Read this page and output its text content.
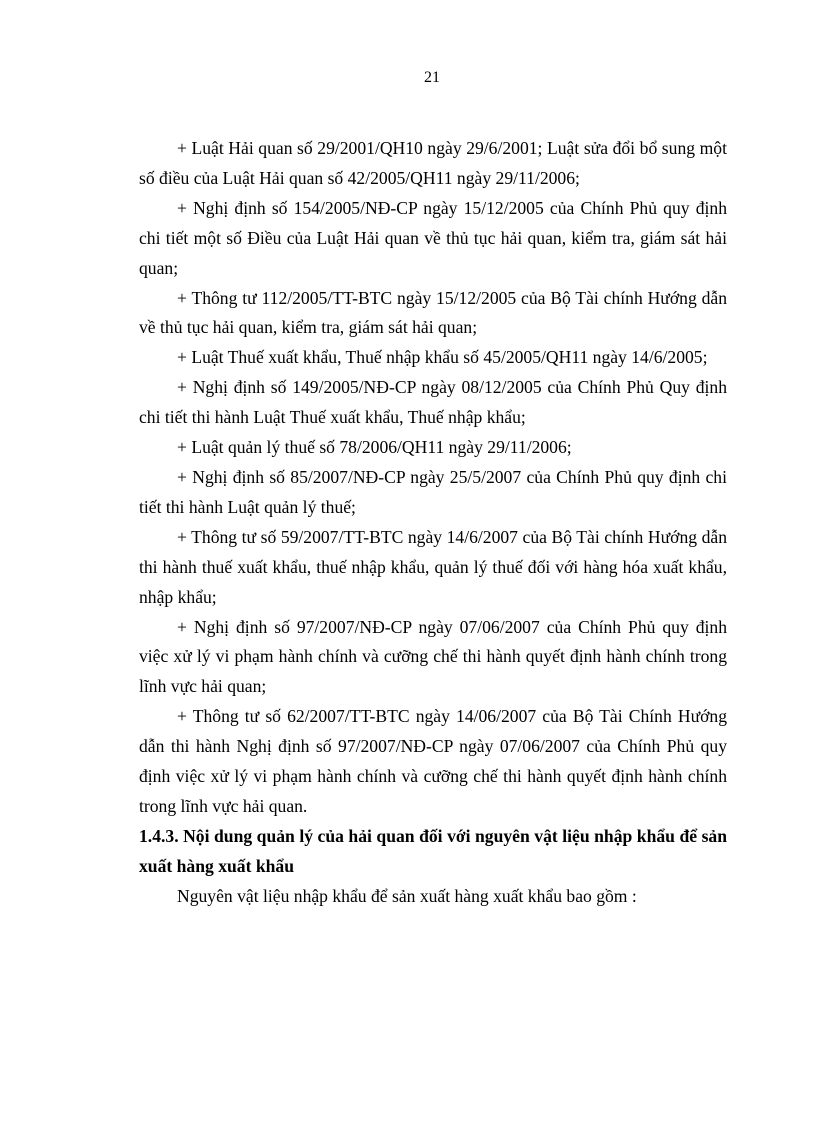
21

+ Luật Hải quan số 29/2001/QH10 ngày 29/6/2001; Luật sửa đổi bổ sung một số điều của Luật Hải quan số 42/2005/QH11 ngày 29/11/2006;

+ Nghị định số 154/2005/NĐ-CP ngày 15/12/2005 của Chính Phủ quy định chi tiết một số Điều của Luật Hải quan về thủ tục hải quan, kiểm tra, giám sát hải quan;

+ Thông tư 112/2005/TT-BTC ngày 15/12/2005 của Bộ Tài chính Hướng dẫn về thủ tục hải quan, kiểm tra, giám sát hải quan;

+ Luật Thuế xuất khẩu, Thuế nhập khẩu số 45/2005/QH11 ngày 14/6/2005;

+ Nghị định số 149/2005/NĐ-CP ngày 08/12/2005 của Chính Phủ Quy định chi tiết thi hành Luật Thuế xuất khẩu, Thuế nhập khẩu;

+ Luật quản lý thuế số 78/2006/QH11 ngày 29/11/2006;

+ Nghị định số 85/2007/NĐ-CP ngày 25/5/2007 của Chính Phủ quy định chi tiết thi hành Luật quản lý thuế;

+ Thông tư số 59/2007/TT-BTC ngày 14/6/2007 của Bộ Tài chính Hướng dẫn thi hành thuế xuất khẩu, thuế nhập khẩu, quản lý thuế đối với hàng hóa xuất khẩu, nhập khẩu;

+ Nghị định số 97/2007/NĐ-CP ngày 07/06/2007 của Chính Phủ quy định việc xử lý vi phạm hành chính và cưỡng chế thi hành quyết định hành chính trong lĩnh vực hải quan;

+ Thông tư số 62/2007/TT-BTC ngày 14/06/2007 của Bộ Tài Chính Hướng dẫn thi hành Nghị định số 97/2007/NĐ-CP ngày 07/06/2007 của Chính Phủ quy định việc xử lý vi phạm hành chính và cưỡng chế thi hành quyết định hành chính trong lĩnh vực hải quan.

1.4.3. Nội dung quản lý của hải quan đối với nguyên vật liệu nhập khẩu để sản xuất hàng xuất khẩu

Nguyên vật liệu nhập khẩu để sản xuất hàng xuất khẩu bao gồm :
